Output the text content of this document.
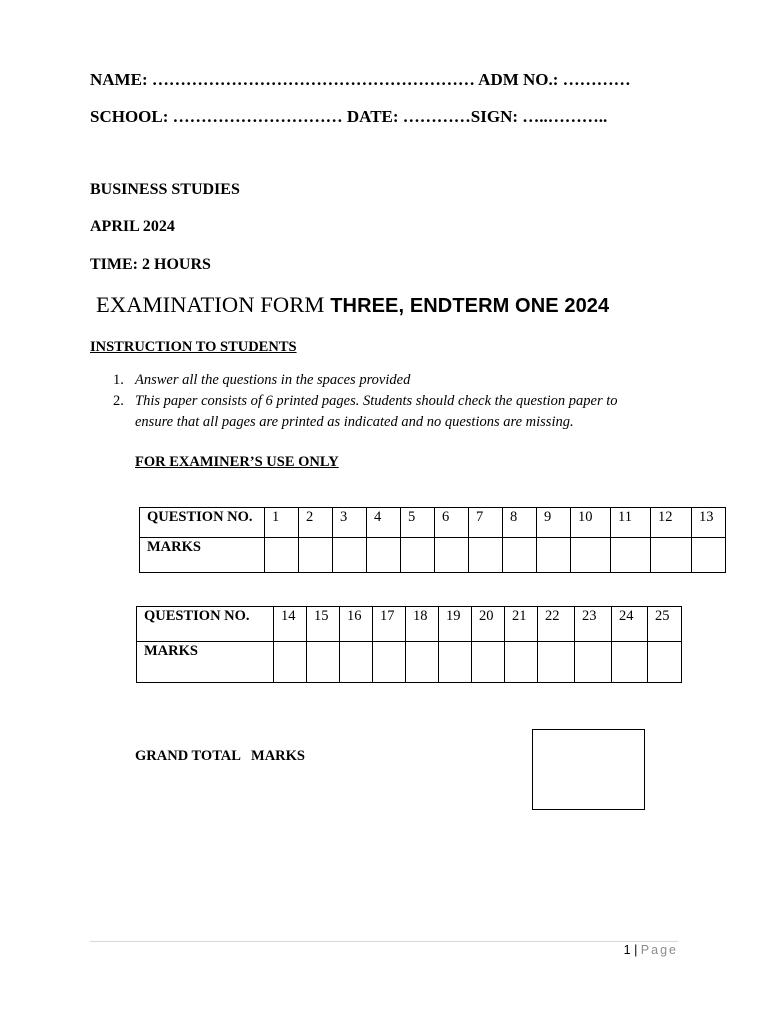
NAME: ………………………………………………… ADM NO.: …………
SCHOOL: ………………………… DATE: …………SIGN: …..………..
BUSINESS STUDIES
APRIL 2024
TIME: 2 HOURS
EXAMINATION FORM THREE, ENDTERM ONE 2024
INSTRUCTION TO STUDENTS
1. Answer all the questions in the spaces provided
2. This paper consists of 6 printed pages. Students should check the question paper to
ensure that all pages are printed as indicated and no questions are missing.
FOR EXAMINER’S USE ONLY
QUESTION NO.	1	2	3	4	5	6	7	8	9	10	11	12	13
MARKS													
QUESTION NO.	14	15	16	17	18	19	20	21	22	23	24	25
MARKS												
GRAND TOTAL   MARKS
1 | Page
